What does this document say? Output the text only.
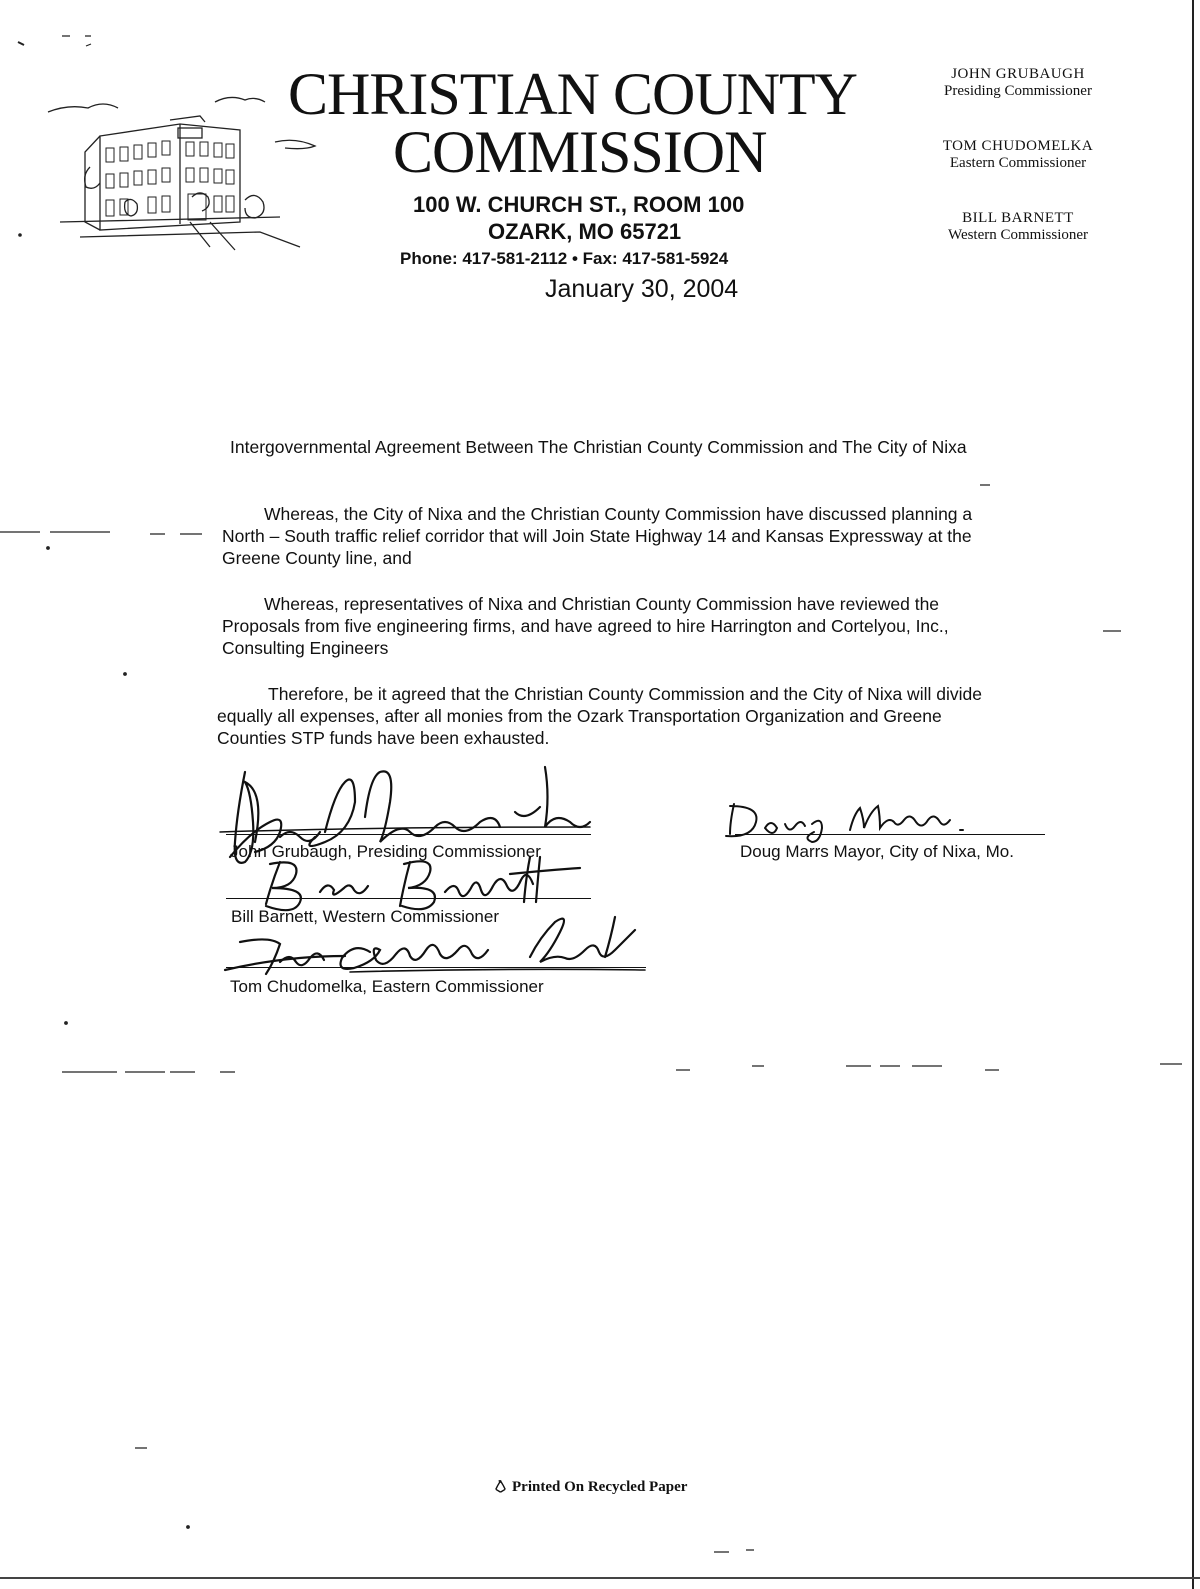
CHRISTIAN COUNTY
COMMISSION
100 W. CHURCH ST., ROOM 100
OZARK, MO 65721
Phone: 417-581-2112 • Fax: 417-581-5924
January 30, 2004
JOHN GRUBAUGH
Presiding Commissioner
TOM CHUDOMELKA
Eastern Commissioner
BILL BARNETT
Western Commissioner
Intergovernmental Agreement Between The Christian County Commission and The City of Nixa
Whereas, the City of Nixa and the Christian County Commission have discussed planning a
North – South traffic relief corridor that will Join State Highway 14 and Kansas Expressway at the
Greene County line, and
Whereas, representatives of Nixa and Christian County Commission have reviewed the
Proposals from five engineering firms, and have agreed to hire Harrington and Cortelyou, Inc.,
Consulting Engineers
Therefore, be it agreed that the Christian County Commission and the City of Nixa will divide
equally all expenses, after all monies from the Ozark Transportation Organization and Greene
Counties STP funds have been exhausted.
John Grubaugh, Presiding Commissioner
Bill Barnett, Western Commissioner
Tom Chudomelka, Eastern Commissioner
Doug Marrs Mayor, City of Nixa, Mo.
Printed On Recycled Paper
